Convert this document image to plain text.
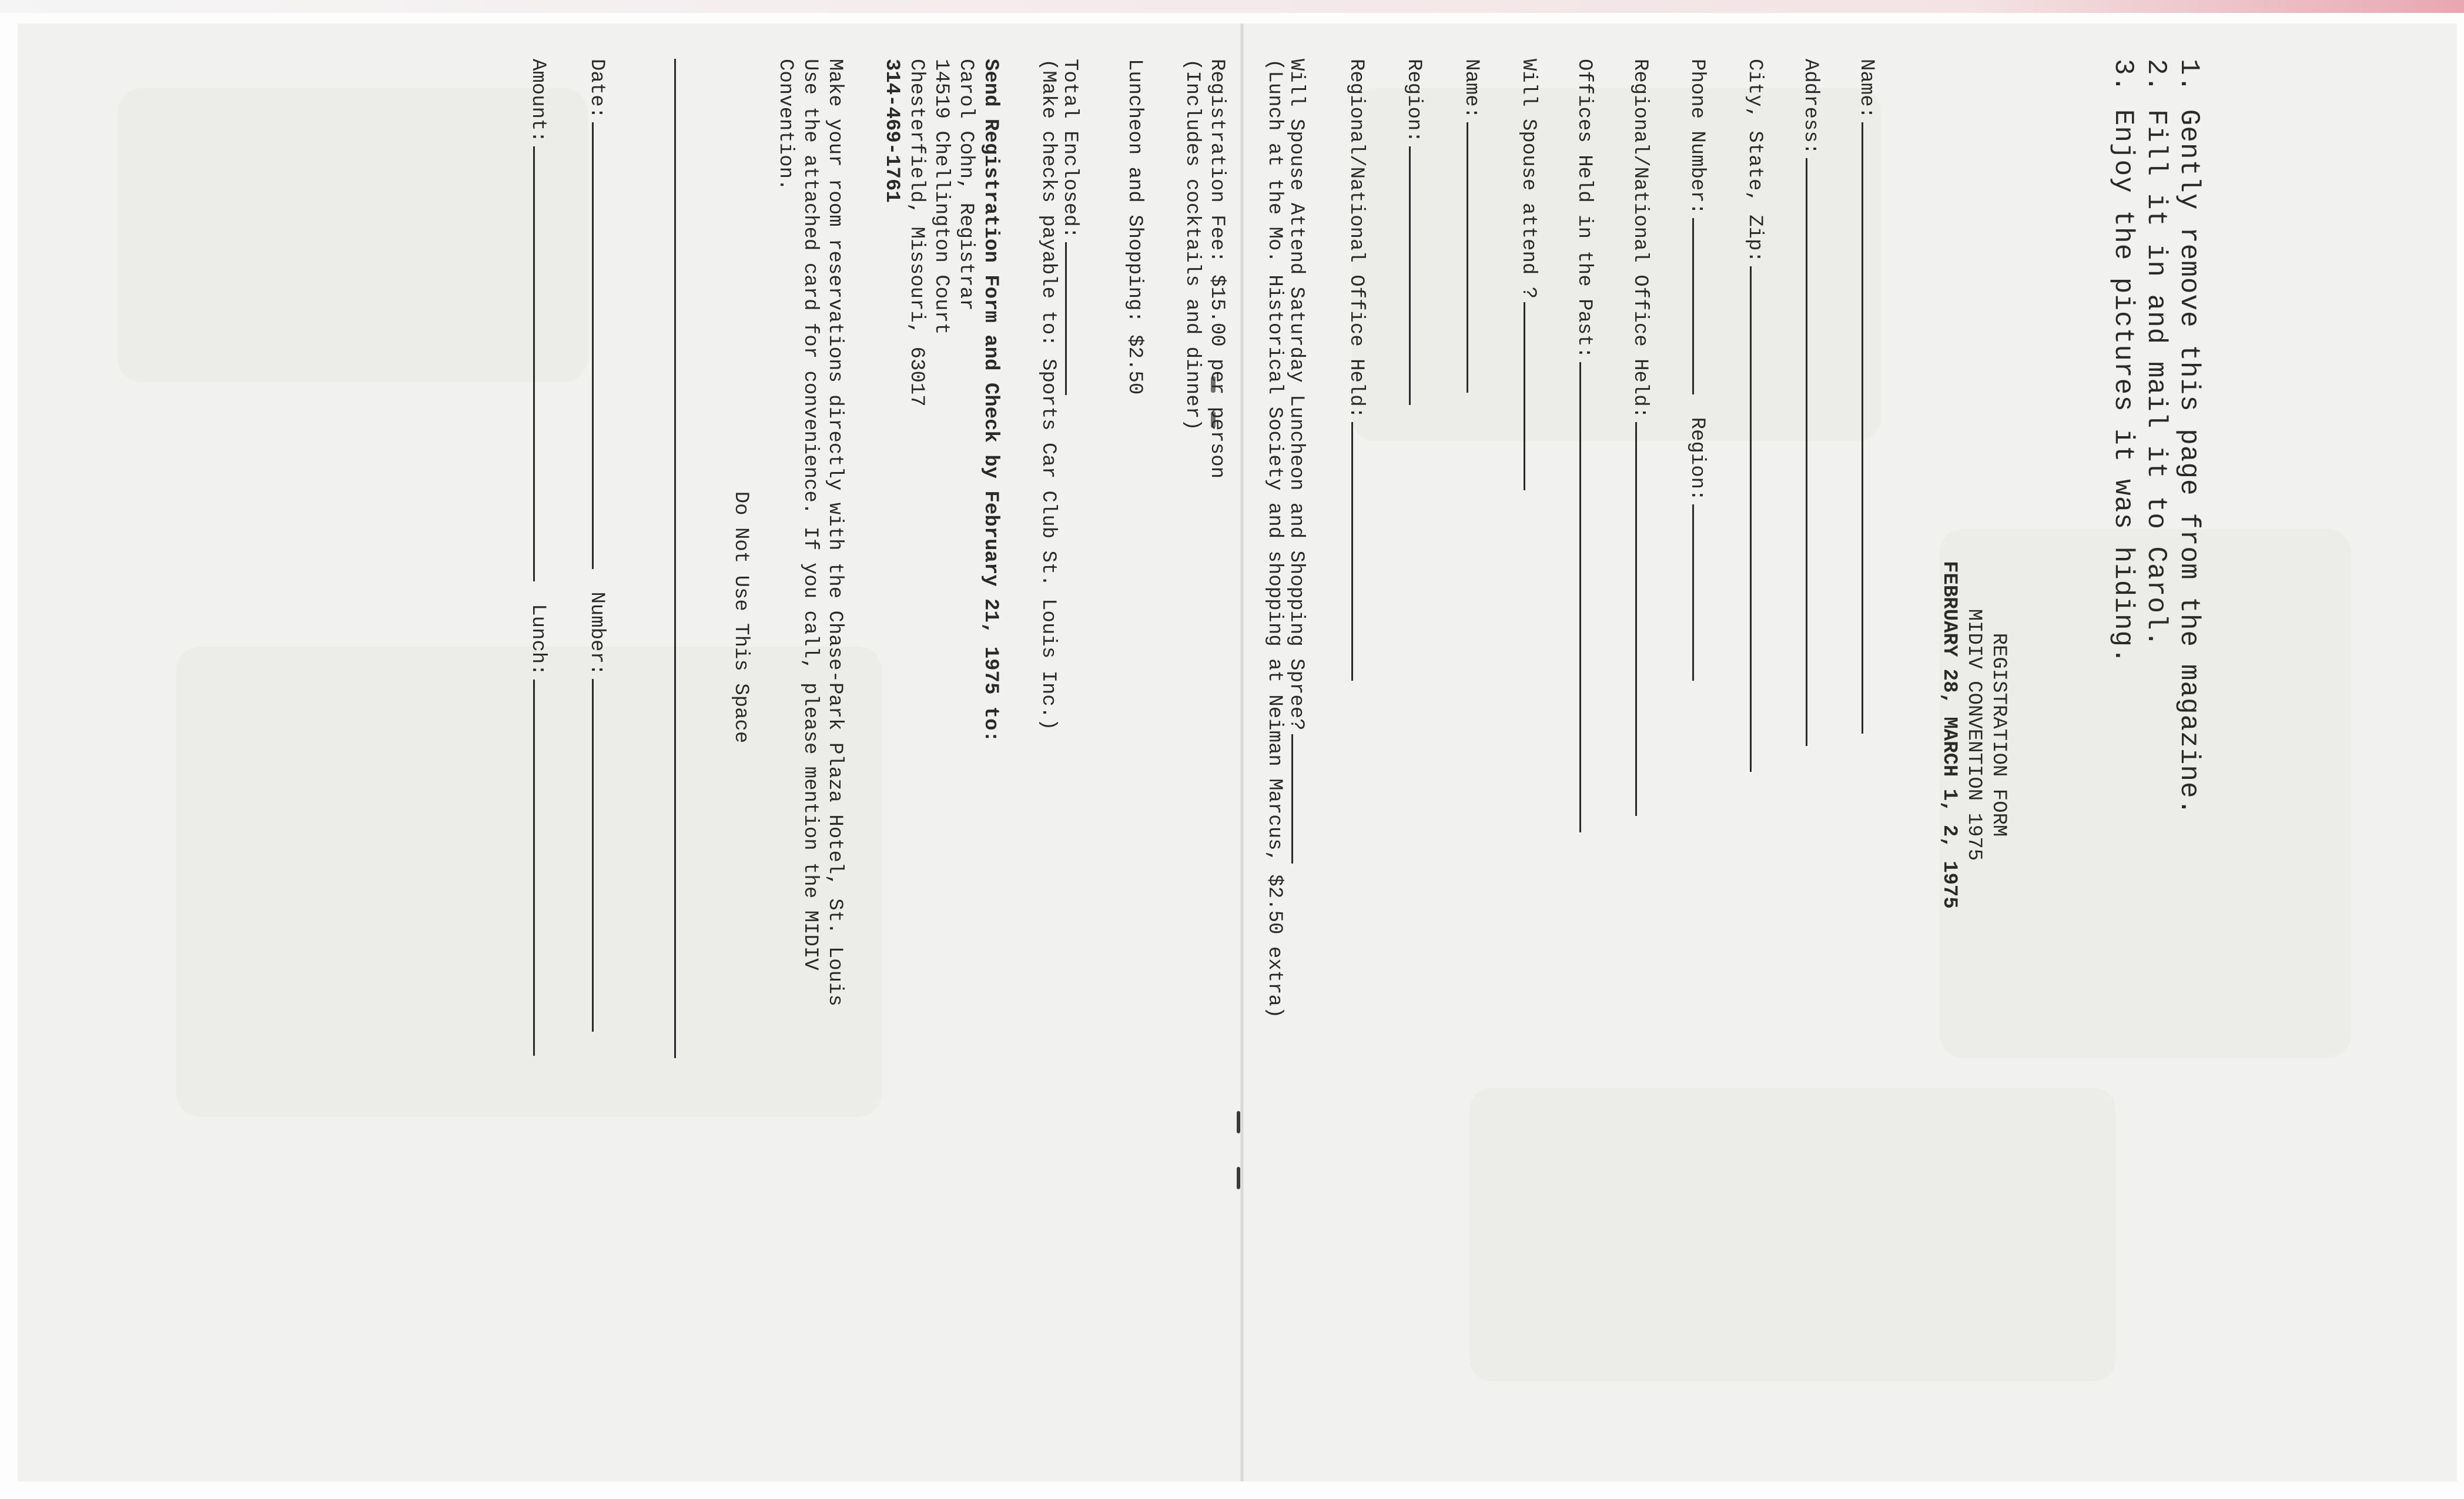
1. Gently remove this page from the magazine.
2. Fill it in and mail it to Carol.
3. Enjoy the pictures it was hiding.
REGISTRATION FORM
MIDIV CONVENTION 1975
FEBRUARY 28, MARCH 1, 2, 1975
Name:
Address:
City, State, Zip:
Phone Number: Region:
Regional/National Office Held:
Offices Held in the Past:
Will Spouse attend ?
Name:
Region:
Regional/National Office Held:
Will Spouse Attend Saturday Luncheon and Shopping Spree?
(Lunch at the Mo. Historical Society and shopping at Neiman Marcus, $2.50 extra)
Registration Fee: $15.00 per person
(Includes cocktails and dinner)
Luncheon and Shopping: $2.50
Total Enclosed:
(Make checks payable to: Sports Car Club St. Louis Inc.)
Send Registration Form and Check by February 21, 1975 to:
Carol Cohn, Registrar
14519 Chellington Court
Chesterfield, Missouri, 63017
314-469-1761
Make your room reservations directly with the Chase-Park Plaza Hotel, St. Louis
Use the attached card for convenience. If you call, please mention the MIDIV
Convention.
Do Not Use This Space
Date: Number:
Amount: Lunch:
